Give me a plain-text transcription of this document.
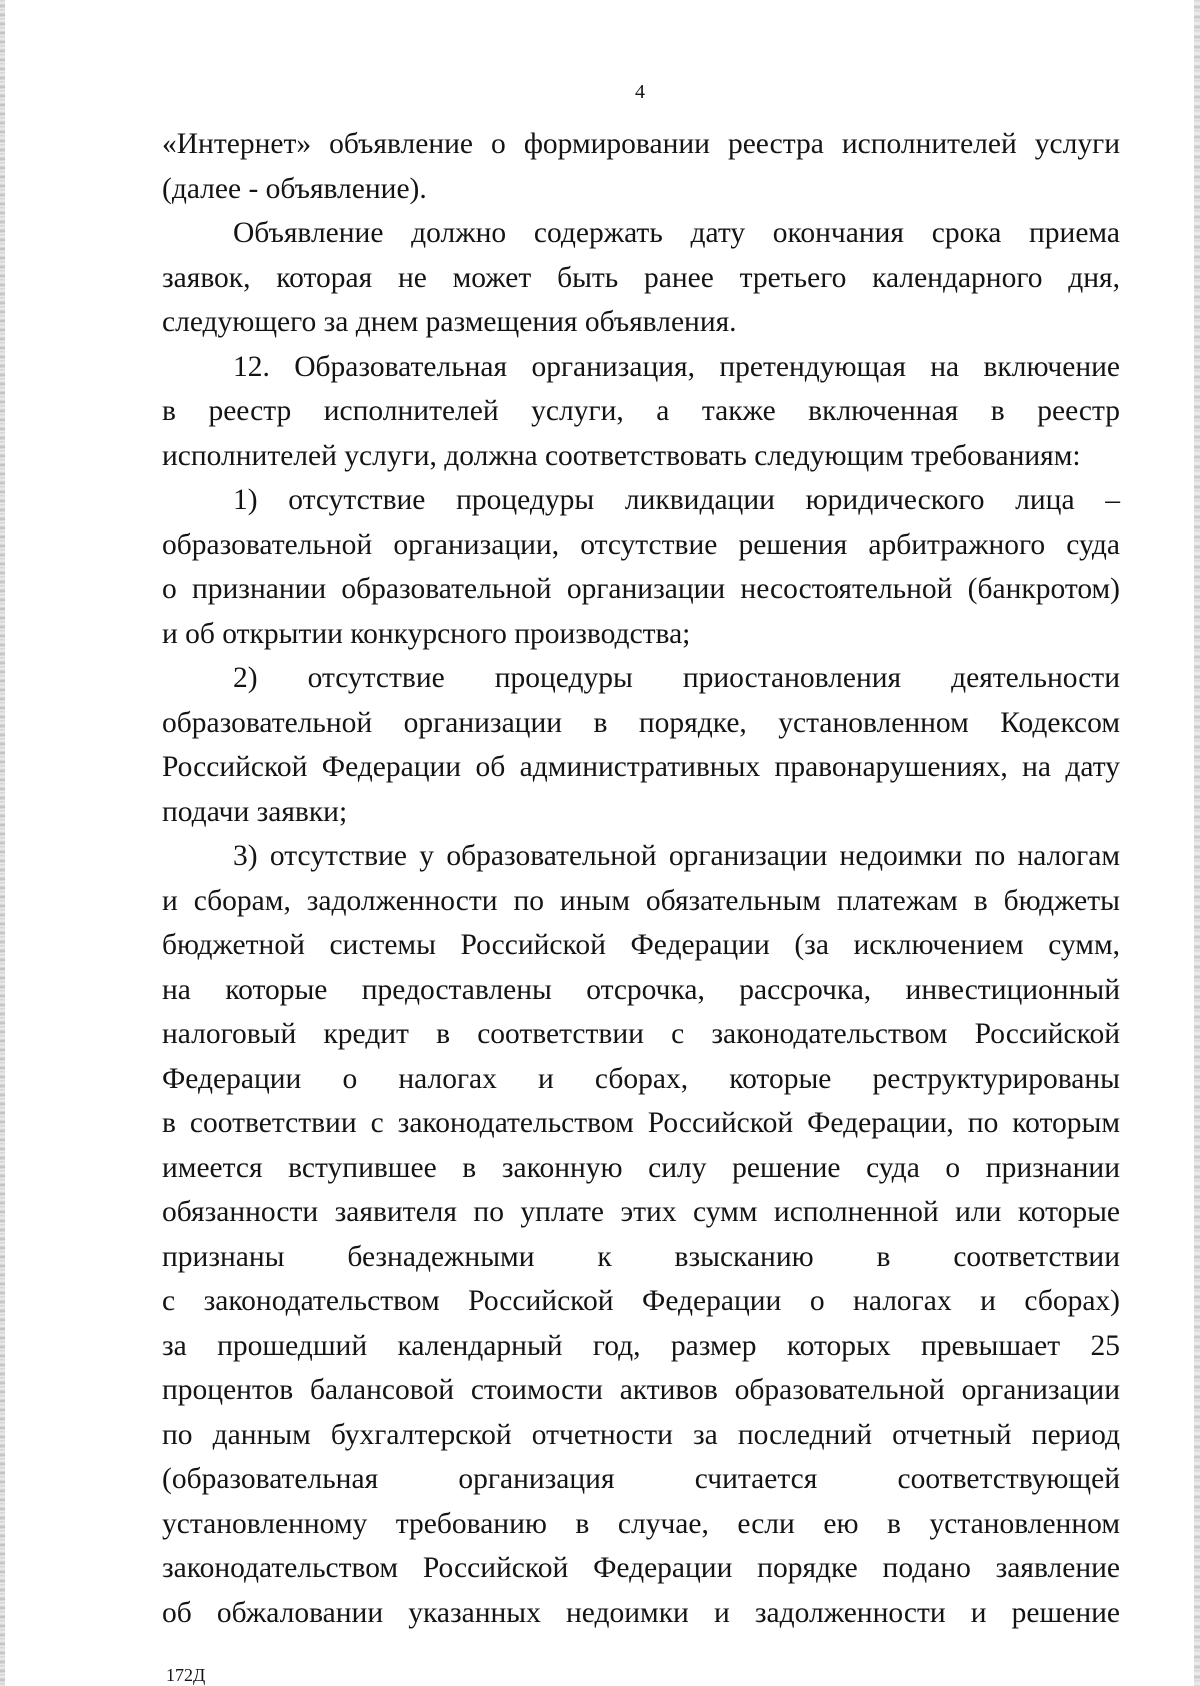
4
«Интернет» объявление о формировании реестра исполнителей услуги
(далее - объявление).
Объявление должно содержать дату окончания срока приема
заявок, которая не может быть ранее третьего календарного дня,
следующего за днем размещения объявления.
12. Образовательная организация, претендующая на включение
в реестр исполнителей услуги, а также включенная в реестр
исполнителей услуги, должна соответствовать следующим требованиям:
1) отсутствие процедуры ликвидации юридического лица –
образовательной организации, отсутствие решения арбитражного суда
о признании образовательной организации несостоятельной (банкротом)
и об открытии конкурсного производства;
2) отсутствие процедуры приостановления деятельности
образовательной организации в порядке, установленном Кодексом
Российской Федерации об административных правонарушениях, на дату
подачи заявки;
3) отсутствие у образовательной организации недоимки по налогам
и сборам, задолженности по иным обязательным платежам в бюджеты
бюджетной системы Российской Федерации (за исключением сумм,
на которые предоставлены отсрочка, рассрочка, инвестиционный
налоговый кредит в соответствии с законодательством Российской
Федерации о налогах и сборах, которые реструктурированы
в соответствии с законодательством Российской Федерации, по которым
имеется вступившее в законную силу решение суда о признании
обязанности заявителя по уплате этих сумм исполненной или которые
признаны безнадежными к взысканию в соответствии
с законодательством Российской Федерации о налогах и сборах)
за прошедший календарный год, размер которых превышает 25
процентов балансовой стоимости активов образовательной организации
по данным бухгалтерской отчетности за последний отчетный период
(образовательная организация считается соответствующей
установленному требованию в случае, если ею в установленном
законодательством Российской Федерации порядке подано заявление
об обжаловании указанных недоимки и задолженности и решение
172Д
